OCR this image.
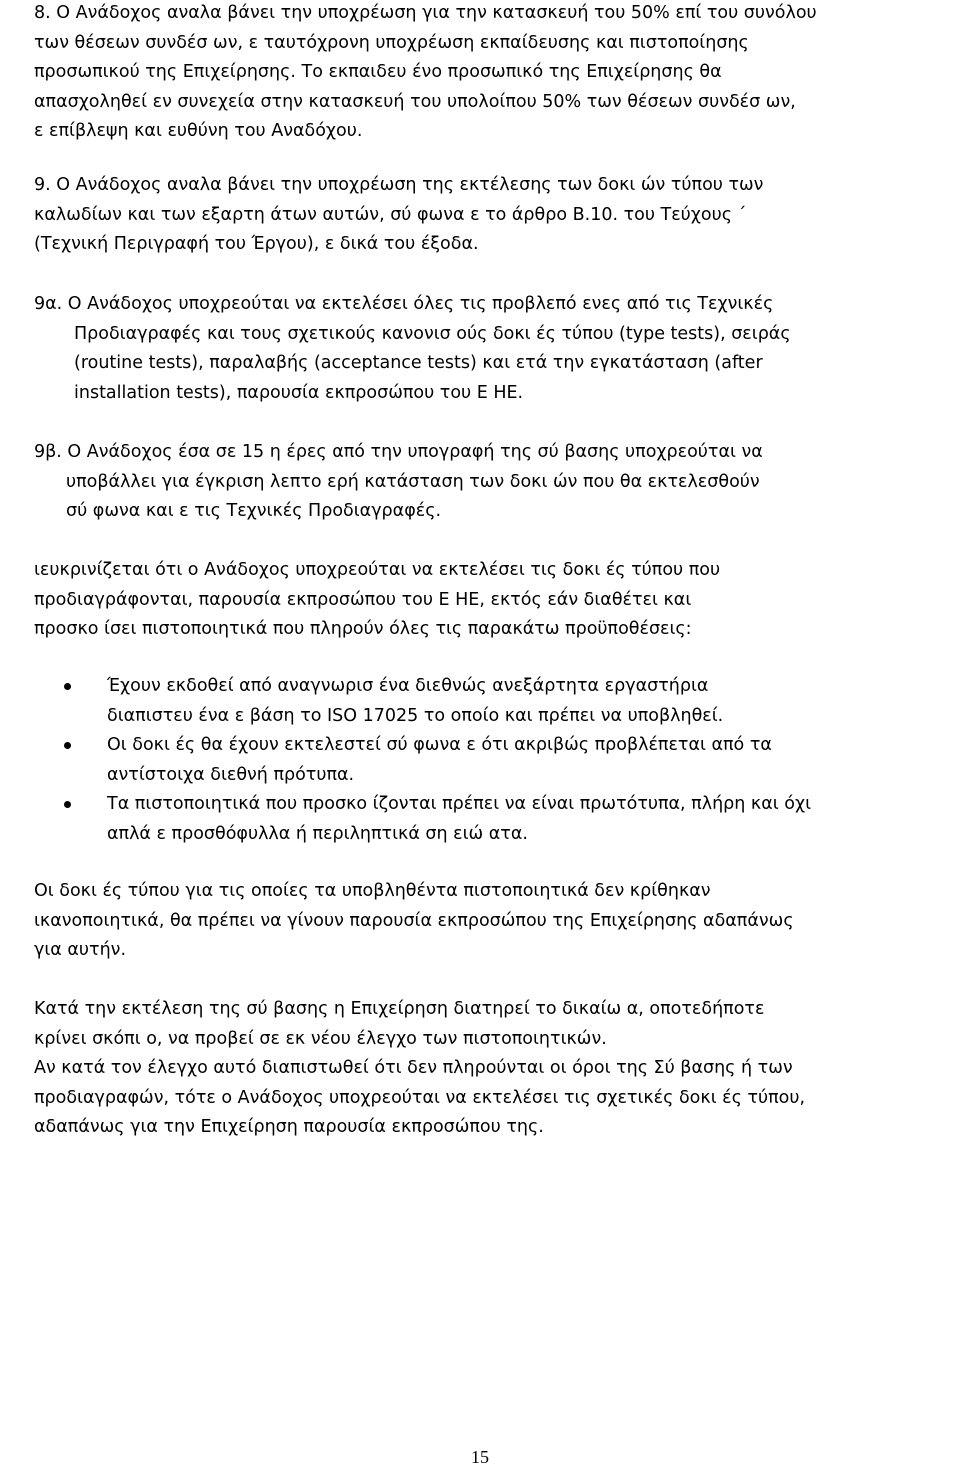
8. Ο Ανάδοχος αναλα βάνει την υποχρέωση για την κατασκευή του 50% επί του συνόλου
των θέσεων συνδέσ ων, ε ταυτόχρονη υποχρέωση εκπαίδευσης και πιστοποίησης
προσωπικού της Επιχείρησης. Το εκπαιδευ ένο προσωπικό της Επιχείρησης θα
απασχοληθεί εν συνεχεία στην κατασκευή του υπολοίπου 50% των θέσεων συνδέσ ων,
ε επίβλεψη και ευθύνη του Αναδόχου.
9. Ο Ανάδοχος αναλα βάνει την υποχρέωση της εκτέλεσης των δοκι ών τύπου των
καλωδίων και των εξαρτη άτων αυτών, σύ φωνα ε το άρθρο Β.10. του Τεύχους ΄
(Τεχνική Περιγραφή του Έργου), ε δικά του έξοδα.
9α. Ο Ανάδοχος υποχρεούται να εκτελέσει όλες τις προβλεπό ενες από τις Τεχνικές
Προδιαγραφές και τους σχετικούς κανονισ ούς δοκι ές τύπου (type tests), σειράς
(routine tests), παραλαβής (acceptance tests) και ετά την εγκατάσταση (after
installation tests), παρουσία εκπροσώπου του Ε ΗΕ.
9β. Ο Ανάδοχος έσα σε 15 η έρες από την υπογραφή της σύ βασης υποχρεούται να
υποβάλλει για έγκριση λεπτο ερή κατάσταση των δοκι ών που θα εκτελεσθούν
σύ φωνα και ε τις Τεχνικές Προδιαγραφές.
ιευκρινίζεται ότι ο Ανάδοχος υποχρεούται να εκτελέσει τις δοκι ές τύπου που
προδιαγράφονται, παρουσία εκπροσώπου του Ε ΗΕ, εκτός εάν διαθέτει και
προσκο ίσει πιστοποιητικά που πληρούν όλες τις παρακάτω προϋποθέσεις:
Έχουν εκδοθεί από αναγνωρισ ένα διεθνώς ανεξάρτητα εργαστήρια
διαπιστευ ένα ε βάση το ISO 17025 το οποίο και πρέπει να υποβληθεί.
Οι δοκι ές θα έχουν εκτελεστεί σύ φωνα ε ότι ακριβώς προβλέπεται από τα
αντίστοιχα διεθνή πρότυπα.
Τα πιστοποιητικά που προσκο ίζονται πρέπει να είναι πρωτότυπα, πλήρη και όχι
απλά ε προσθόφυλλα ή περιληπτικά ση ειώ ατα.
Οι δοκι ές τύπου για τις οποίες τα υποβληθέντα πιστοποιητικά δεν κρίθηκαν
ικανοποιητικά, θα πρέπει να γίνουν παρουσία εκπροσώπου της Επιχείρησης αδαπάνως
για αυτήν.
Κατά την εκτέλεση της σύ βασης η Επιχείρηση διατηρεί το δικαίω α, οποτεδήποτε
κρίνει σκόπι ο, να προβεί σε εκ νέου έλεγχο των πιστοποιητικών.
Αν κατά τον έλεγχο αυτό διαπιστωθεί ότι δεν πληρούνται οι όροι της Σύ βασης ή των
προδιαγραφών, τότε ο Ανάδοχος υποχρεούται να εκτελέσει τις σχετικές δοκι ές τύπου,
αδαπάνως για την Επιχείρηση παρουσία εκπροσώπου της.
15
